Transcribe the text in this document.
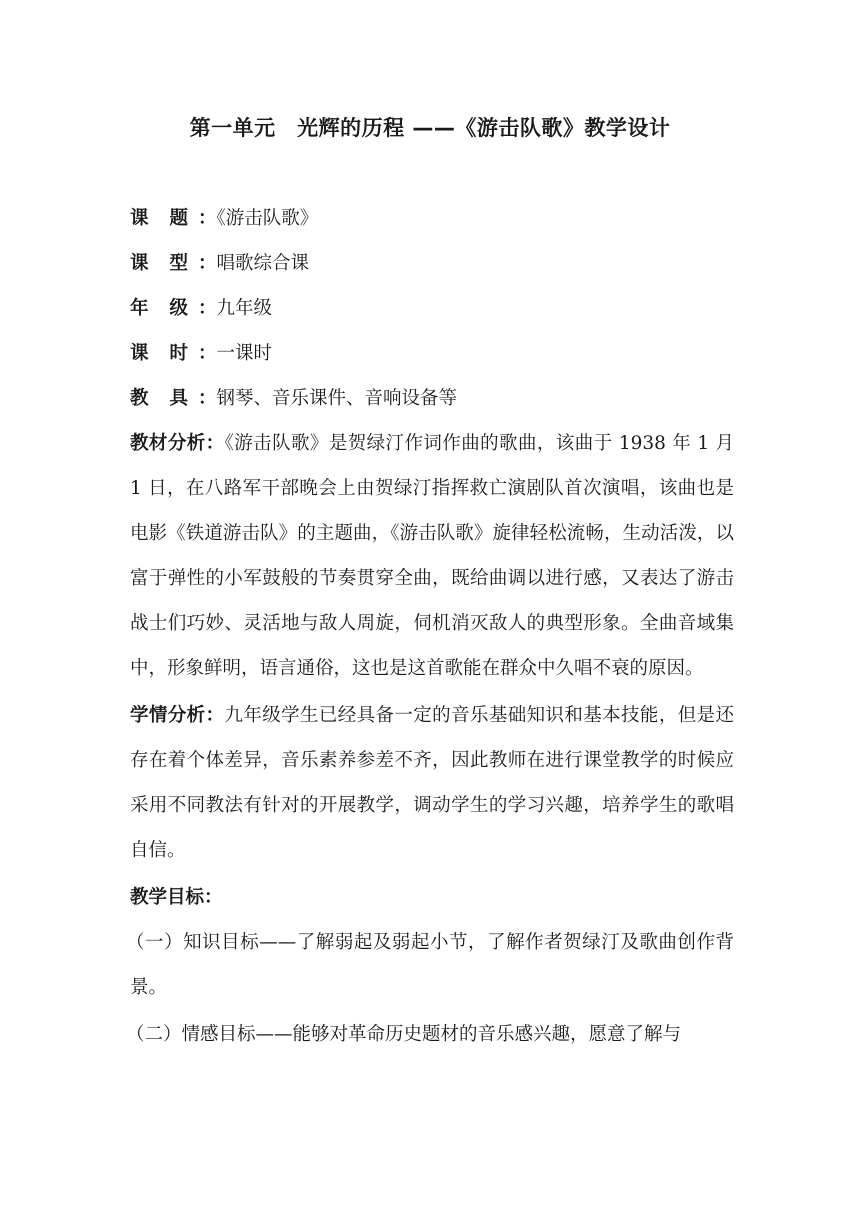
第一单元　光辉的历程 ——《游击队歌》教学设计

课 题 ：《游击队歌》

课 型 ：唱歌综合课

年 级 ：九年级

课 时 ：一课时

教 具 ：钢琴、音乐课件、音响设备等

教材分析：《游击队歌》是贺绿汀作词作曲的歌曲，该曲于 1938 年 1 月 1 日，在八路军干部晚会上由贺绿汀指挥救亡演剧队首次演唱，该曲也是电影《铁道游击队》的主题曲，《游击队歌》旋律轻松流畅，生动活泼，以富于弹性的小军鼓般的节奏贯穿全曲，既给曲调以进行感，又表达了游击战士们巧妙、灵活地与敌人周旋，伺机消灭敌人的典型形象。全曲音域集中，形象鲜明，语言通俗，这也是这首歌能在群众中久唱不衰的原因。

学情分析：九年级学生已经具备一定的音乐基础知识和基本技能，但是还存在着个体差异，音乐素养参差不齐，因此教师在进行课堂教学的时候应采用不同教法有针对的开展教学，调动学生的学习兴趣，培养学生的歌唱自信。

教学目标：

（一）知识目标——了解弱起及弱起小节，了解作者贺绿汀及歌曲创作背景。

（二）情感目标——能够对革命历史题材的音乐感兴趣，愿意了解与
